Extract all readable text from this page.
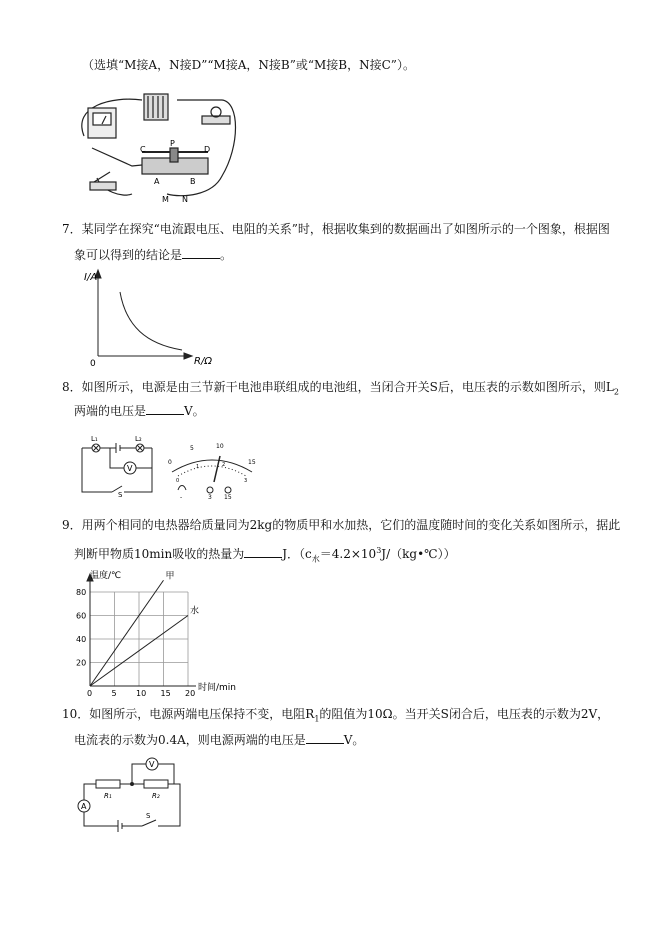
（选填“M接A，N接D”“M接A，N接B”或“M接B，N接C”）。
C
P
D
A	B
M N
7．某同学在探究“电流跟电压、电阻的关系”时，根据收集到的数据画出了如图所示的一个图象，根据图
象可以得到的结论是	。
I/A
R/Ω
0
8．如图所示，电源是由三节新干电池串联组成的电池组，当闭合开关S后，电压表的示数如图所示，则$L_2$
两端的电压是	V。
L₁	L₂
V
S
0
5	10
15
0
1	2
3
-	3 15
9．用两个相同的电热器给质量同为2kg的物质甲和水加热，它们的温度随时间的变化关系如图所示，据此
判断甲物质10min吸收的热量为	J．$(c_水=4.2\times 10^3J/(kg•℃))$
甲
水
20
40
60
80
0 5 10 15 20
温度/℃
时间/min
10．如图所示，电源两端电压保持不变，电阻$R_1$的阻值为10Ω。当开关S闭合后，电压表的示数为2V，
电流表的示数为0.4A，则电源两端的电压是	V。
A
V
R₁	R₂
S
